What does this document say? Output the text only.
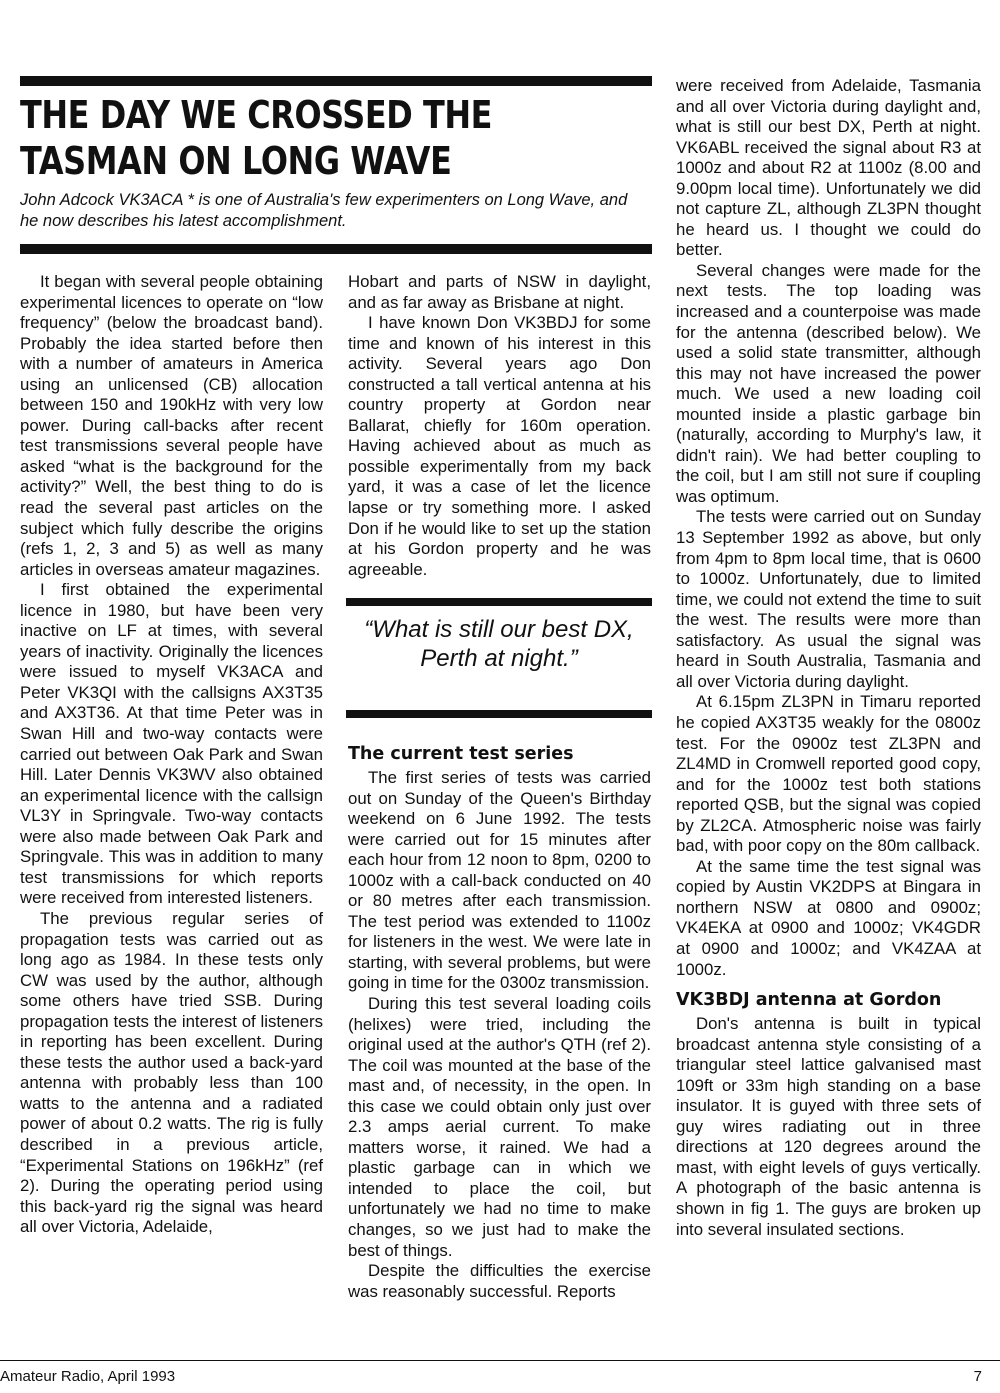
THE DAY WE CROSSED THE TASMAN ON LONG WAVE

John Adcock VK3ACA * is one of Australia's few experimenters on Long Wave, and he now describes his latest accomplishment.

It began with several people obtaining experimental licences to operate on “low frequency” (below the broadcast band). Probably the idea started before then with a number of amateurs in America using an unlicensed (CB) allocation between 150 and 190kHz with very low power. During call-backs after recent test transmissions several people have asked “what is the background for the activity?” Well, the best thing to do is read the several past articles on the subject which fully describe the origins (refs 1, 2, 3 and 5) as well as many articles in overseas amateur magazines.

I first obtained the experimental licence in 1980, but have been very inactive on LF at times, with several years of inactivity. Originally the licences were issued to myself VK3ACA and Peter VK3QI with the callsigns AX3T35 and AX3T36. At that time Peter was in Swan Hill and two-way contacts were carried out between Oak Park and Swan Hill. Later Dennis VK3WV also obtained an experimental licence with the callsign VL3Y in Springvale. Two-way contacts were also made between Oak Park and Springvale. This was in addition to many test transmissions for which reports were received from interested listeners.

The previous regular series of propagation tests was carried out as long ago as 1984. In these tests only CW was used by the author, although some others have tried SSB. During propagation tests the interest of listeners in reporting has been excellent. During these tests the author used a back-yard antenna with probably less than 100 watts to the antenna and a radiated power of about 0.2 watts. The rig is fully described in a previous article, “Experimental Stations on 196kHz” (ref 2). During the operating period using this back-yard rig the signal was heard all over Victoria, Adelaide,

Hobart and parts of NSW in daylight, and as far away as Brisbane at night.

I have known Don VK3BDJ for some time and known of his interest in this activity. Several years ago Don constructed a tall vertical antenna at his country property at Gordon near Ballarat, chiefly for 160m operation. Having achieved about as much as possible experimentally from my back yard, it was a case of let the licence lapse or try something more. I asked Don if he would like to set up the station at his Gordon property and he was agreeable.

“What is still our best DX, Perth at night.”

The current test series

The first series of tests was carried out on Sunday of the Queen's Birthday weekend on 6 June 1992. The tests were carried out for 15 minutes after each hour from 12 noon to 8pm, 0200 to 1000z with a call-back conducted on 40 or 80 metres after each transmission. The test period was extended to 1100z for listeners in the west. We were late in starting, with several problems, but were going in time for the 0300z transmission.

During this test several loading coils (helixes) were tried, including the original used at the author's QTH (ref 2). The coil was mounted at the base of the mast and, of necessity, in the open. In this case we could obtain only just over 2.3 amps aerial current. To make matters worse, it rained. We had a plastic garbage can in which we intended to place the coil, but unfortunately we had no time to make changes, so we just had to make the best of things.

Despite the difficulties the exercise was reasonably successful. Reports

were received from Adelaide, Tasmania and all over Victoria during daylight and, what is still our best DX, Perth at night. VK6ABL received the signal about R3 at 1000z and about R2 at 1100z (8.00 and 9.00pm local time). Unfortunately we did not capture ZL, although ZL3PN thought he heard us. I thought we could do better.

Several changes were made for the next tests. The top loading was increased and a counterpoise was made for the antenna (described below). We used a solid state transmitter, although this may not have increased the power much. We used a new loading coil mounted inside a plastic garbage bin (naturally, according to Murphy's law, it didn't rain). We had better coupling to the coil, but I am still not sure if coupling was optimum.

The tests were carried out on Sunday 13 September 1992 as above, but only from 4pm to 8pm local time, that is 0600 to 1000z. Unfortunately, due to limited time, we could not extend the time to suit the west. The results were more than satisfactory. As usual the signal was heard in South Australia, Tasmania and all over Victoria during daylight.

At 6.15pm ZL3PN in Timaru reported he copied AX3T35 weakly for the 0800z test. For the 0900z test ZL3PN and ZL4MD in Cromwell reported good copy, and for the 1000z test both stations reported QSB, but the signal was copied by ZL2CA. Atmospheric noise was fairly bad, with poor copy on the 80m callback.

At the same time the test signal was copied by Austin VK2DPS at Bingara in northern NSW at 0800 and 0900z; VK4EKA at 0900 and 1000z; VK4GDR at 0900 and 1000z; and VK4ZAA at 1000z.

VK3BDJ antenna at Gordon

Don's antenna is built in typical broadcast antenna style consisting of a triangular steel lattice galvanised mast 109ft or 33m high standing on a base insulator. It is guyed with three sets of guy wires radiating out in three directions at 120 degrees around the mast, with eight levels of guys vertically. A photograph of the basic antenna is shown in fig 1. The guys are broken up into several insulated sections.

Amateur Radio, April 1993	7
